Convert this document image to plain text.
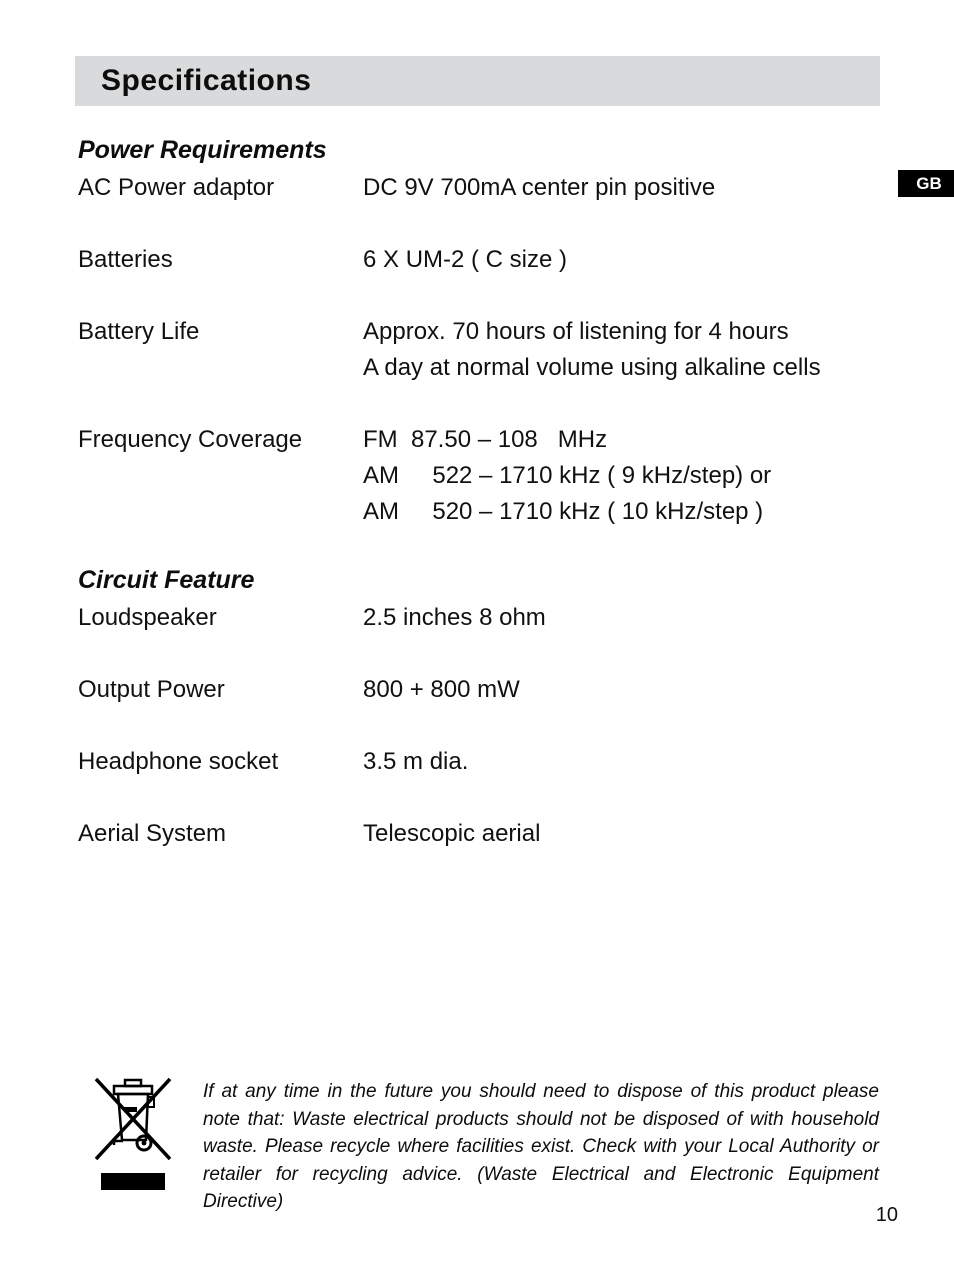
Specifications
GB
Power Requirements
AC Power adaptor	DC 9V 700mA center pin positive
Batteries	6 X UM-2 ( C size )
Battery Life	Approx. 70 hours of listening for 4 hours
A day at normal volume using alkaline cells
Frequency Coverage	FM  87.50 – 108   MHz
AM     522 – 1710 kHz ( 9 kHz/step) or
AM     520 – 1710 kHz ( 10 kHz/step )
Circuit Feature
Loudspeaker	2.5 inches 8 ohm
Output Power	800 + 800 mW
Headphone socket	3.5 m dia.
Aerial System	Telescopic aerial

If at any time in the future you should need to dispose of this product please note that: Waste electrical products should not be disposed of with household waste. Please recycle where facilities exist. Check with your Local Authority or retailer for recycling advice. (Waste Electrical and Electronic Equipment Directive)

10
